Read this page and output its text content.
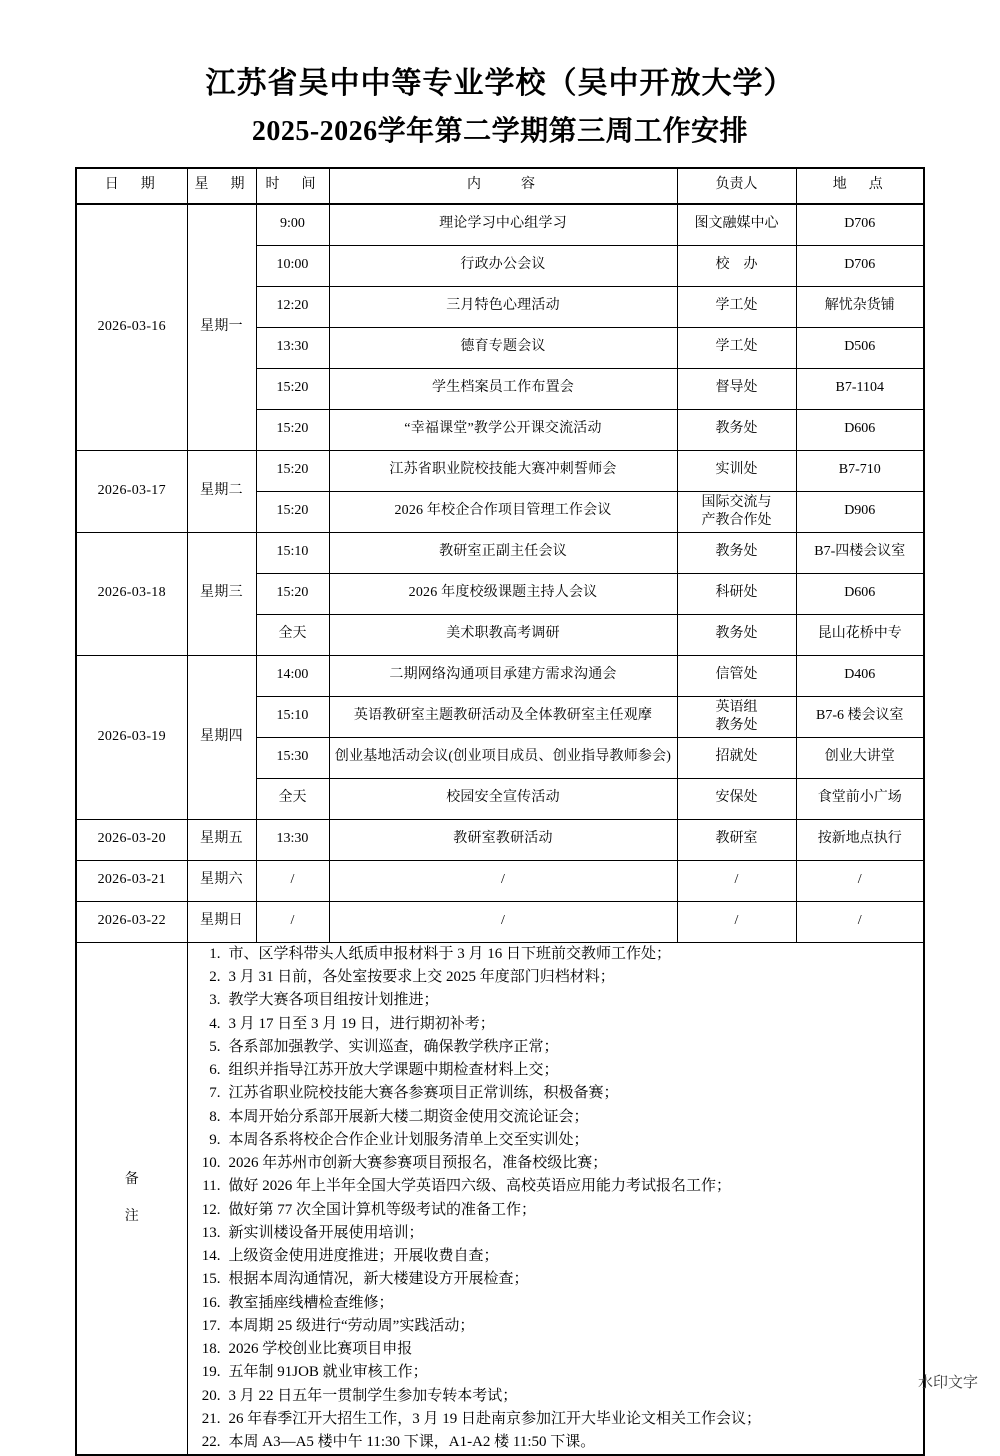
江苏省吴中中等专业学校（吴中开放大学）
2025-2026学年第二学期第三周工作安排
日　期	星　期	时　间	内　　容	负责人	地　点
2026-03-16	星期一	9:00	理论学习中心组学习	图文融媒中心	D706
		10:00	行政办公会议	校　办	D706
		12:20	三月特色心理活动	学工处	解忧杂货铺
		13:30	德育专题会议	学工处	D506
		15:20	学生档案员工作布置会	督导处	B7-1104
		15:20	“幸福课堂”教学公开课交流活动	教务处	D606
2026-03-17	星期二	15:20	江苏省职业院校技能大赛冲刺誓师会	实训处	B7-710
		15:20	2026 年校企合作项目管理工作会议	国际交流与
产教合作处	D906
2026-03-18	星期三	15:10	教研室正副主任会议	教务处	B7-四楼会议室
		15:20	2026 年度校级课题主持人会议	科研处	D606
		全天	美术职教高考调研	教务处	昆山花桥中专
2026-03-19	星期四	14:00	二期网络沟通项目承建方需求沟通会	信管处	D406
		15:10	英语教研室主题教研活动及全体教研室主任观摩	英语组
教务处	B7-6 楼会议室
		15:30	创业基地活动会议(创业项目成员、创业指导教师参会)	招就处	创业大讲堂
		全天	校园安全宣传活动	安保处	食堂前小广场
2026-03-20	星期五	13:30	教研室教研活动	教研室	按新地点执行
2026-03-21	星期六	/	/	/	/
2026-03-22	星期日	/	/	/	/

备
注

1. 市、区学科带头人纸质申报材料于 3 月 16 日下班前交教师工作处；
2. 3 月 31 日前，各处室按要求上交 2025 年度部门归档材料；
3. 教学大赛各项目组按计划推进；
4. 3 月 17 日至 3 月 19 日，进行期初补考；
5. 各系部加强教学、实训巡查，确保教学秩序正常；
6. 组织并指导江苏开放大学课题中期检查材料上交；
7. 江苏省职业院校技能大赛各参赛项目正常训练，积极备赛；
8. 本周开始分系部开展新大楼二期资金使用交流论证会；
9. 本周各系将校企合作企业计划服务清单上交至实训处；
10. 2026 年苏州市创新大赛参赛项目预报名，准备校级比赛；
11. 做好 2026 年上半年全国大学英语四六级、高校英语应用能力考试报名工作；
12. 做好第 77 次全国计算机等级考试的准备工作；
13. 新实训楼设备开展使用培训；
14. 上级资金使用进度推进；开展收费自查；
15. 根据本周沟通情况，新大楼建设方开展检查；
16. 教室插座线槽检查维修；
17. 本周期 25 级进行“劳动周”实践活动；
18. 2026 学校创业比赛项目申报
19. 五年制 91JOB 就业审核工作；
20. 3 月 22 日五年一贯制学生参加专转本考试；
21. 26 年春季江开大招生工作，3 月 19 日赴南京参加江开大毕业论文相关工作会议；
22. 本周 A3—A5 楼中午 11:30 下课，A1-A2 楼 11:50 下课。
水印文字
